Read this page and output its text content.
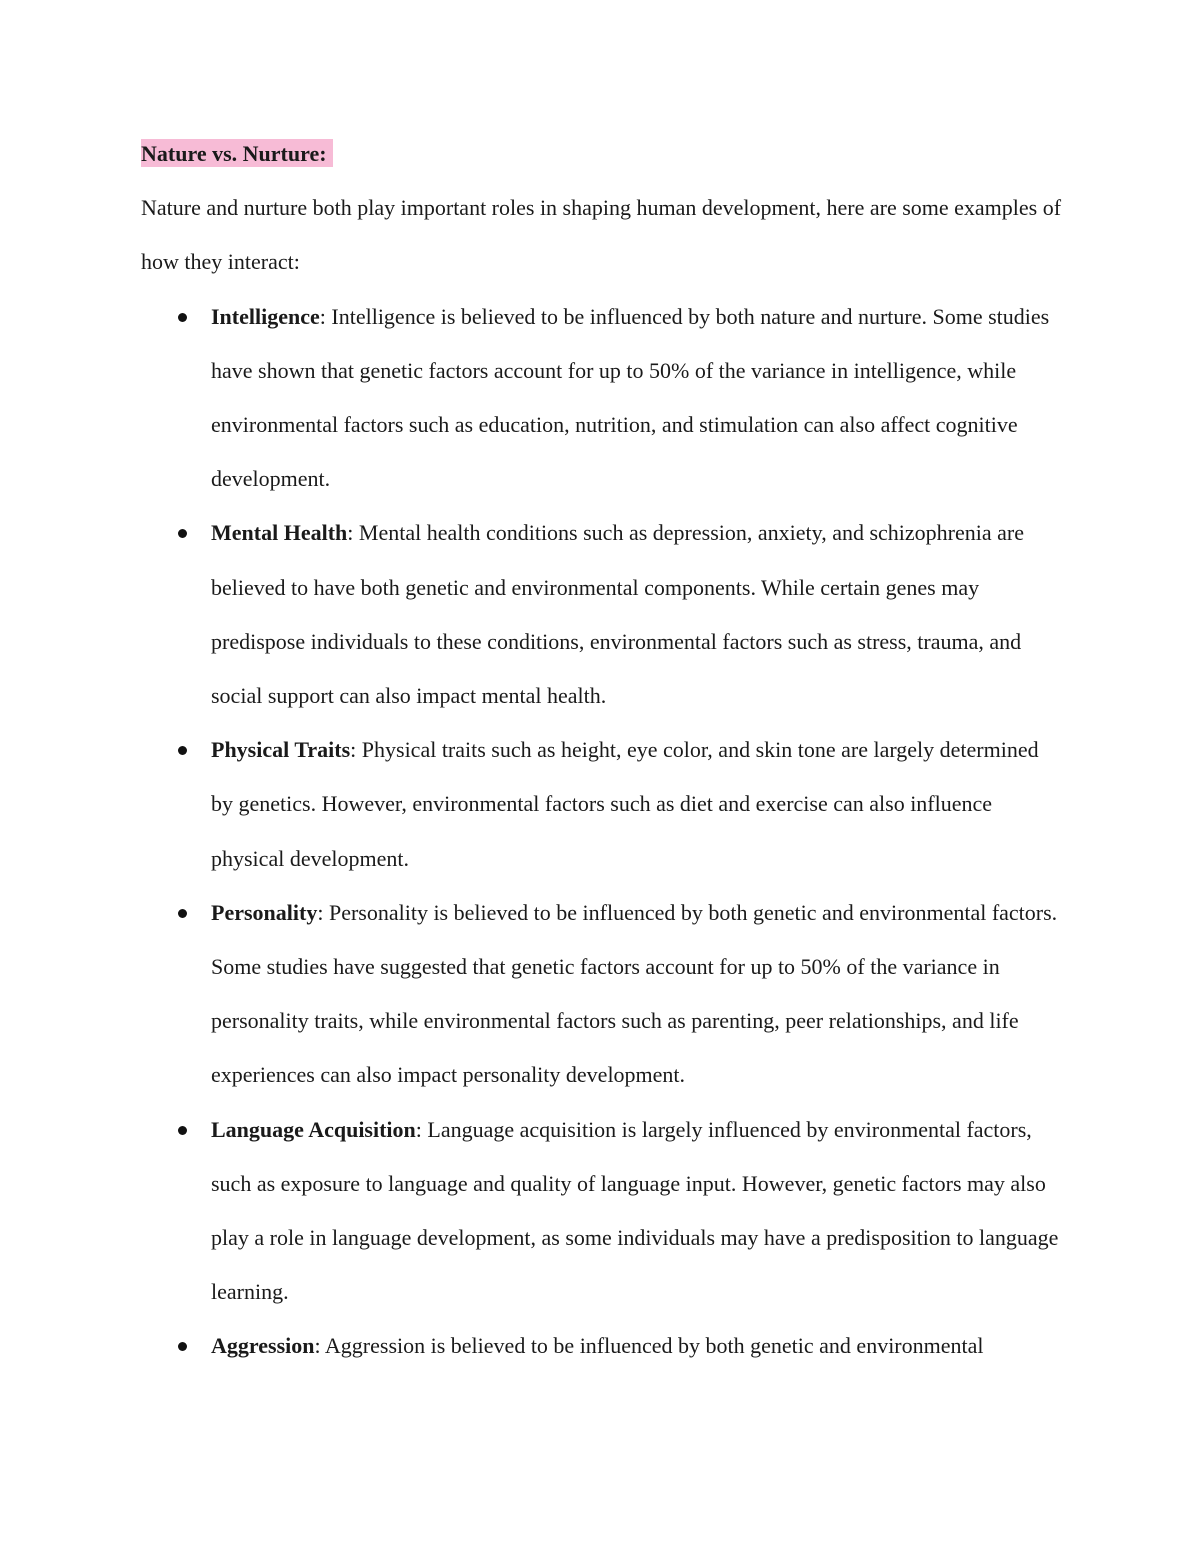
Nature vs. Nurture:

Nature and nurture both play important roles in shaping human development, here are some examples of how they interact:

Intelligence: Intelligence is believed to be influenced by both nature and nurture. Some studies have shown that genetic factors account for up to 50% of the variance in intelligence, while environmental factors such as education, nutrition, and stimulation can also affect cognitive development.
Mental Health: Mental health conditions such as depression, anxiety, and schizophrenia are believed to have both genetic and environmental components. While certain genes may predispose individuals to these conditions, environmental factors such as stress, trauma, and social support can also impact mental health.
Physical Traits: Physical traits such as height, eye color, and skin tone are largely determined by genetics. However, environmental factors such as diet and exercise can also influence physical development.
Personality: Personality is believed to be influenced by both genetic and environmental factors. Some studies have suggested that genetic factors account for up to 50% of the variance in personality traits, while environmental factors such as parenting, peer relationships, and life experiences can also impact personality development.
Language Acquisition: Language acquisition is largely influenced by environmental factors, such as exposure to language and quality of language input. However, genetic factors may also play a role in language development, as some individuals may have a predisposition to language learning.
Aggression: Aggression is believed to be influenced by both genetic and environmental
